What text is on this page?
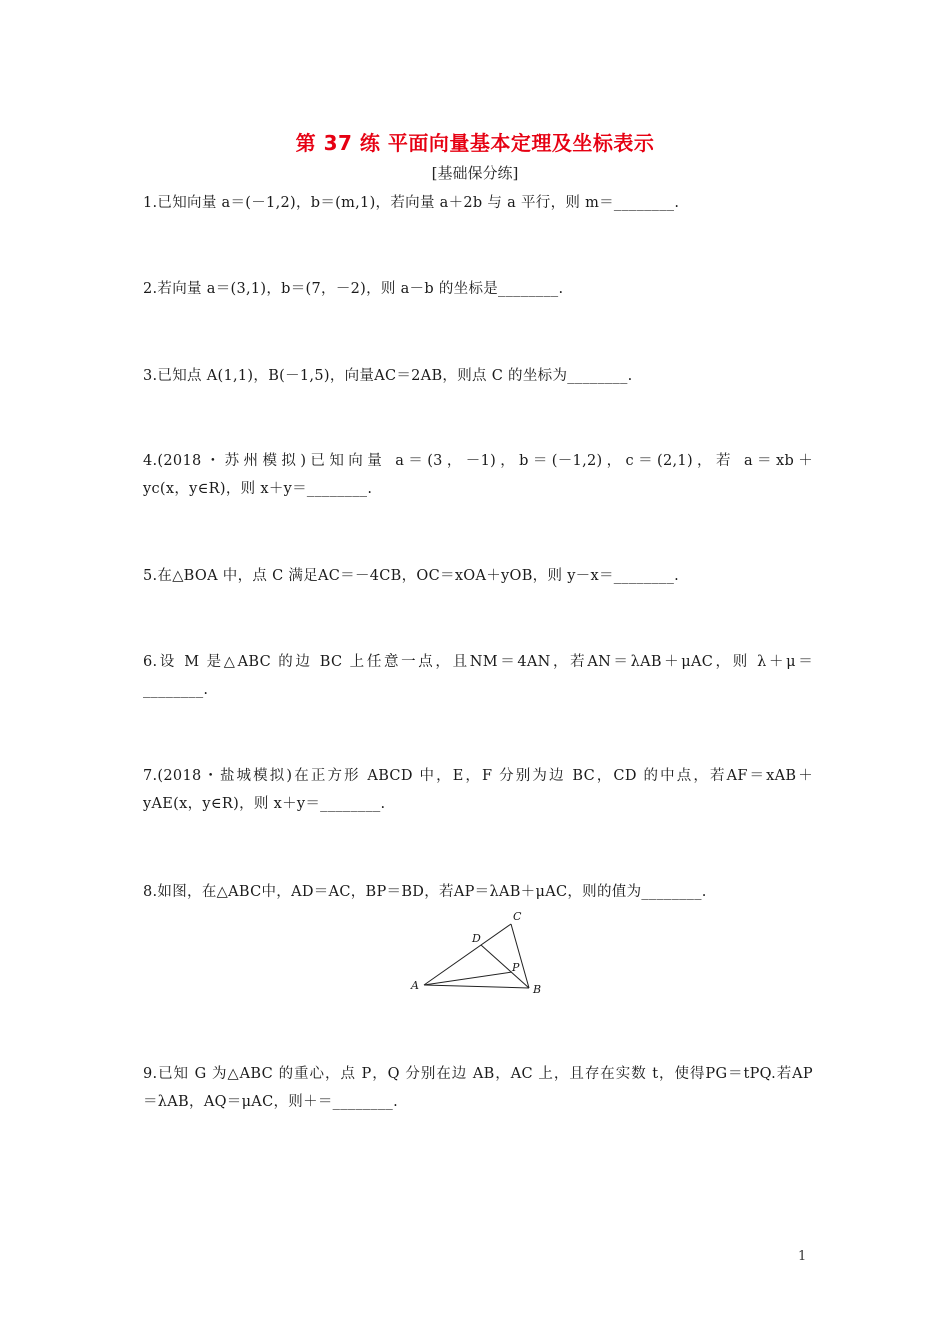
第 37 练 平面向量基本定理及坐标表示
[基础保分练]
1.已知向量 a＝(－1,2)，b＝(m,1)，若向量 a＋2b 与 a 平行，则 m＝________.
2.若向量 a＝(3,1)，b＝(7，－2)，则 a－b 的坐标是________.
3.已知点 A(1,1)，B(－1,5)，向量AC＝2AB，则点 C 的坐标为________.
4.(2018・苏州模拟)已知向量 a＝(3，－1)，b＝(－1,2)，c＝(2,1)，若 a＝xb＋
yc(x，y∈R)，则 x＋y＝________.
5.在△BOA 中，点 C 满足AC＝－4CB，OC＝xOA＋yOB，则 y－x＝________.
6.设 M 是△ABC 的边 BC 上任意一点，且NM＝4AN，若AN＝λAB＋μAC，则 λ＋μ＝
________.
7.(2018・盐城模拟)在正方形 ABCD 中，E，F 分别为边 BC，CD 的中点，若AF＝xAB＋
yAE(x，y∈R)，则 x＋y＝________.
8.如图，在△ABC中，AD＝AC，BP＝BD，若AP＝λAB＋μAC，则的值为________.
A	B
C
D
P
9.已知 G 为△ABC 的重心，点 P，Q 分别在边 AB，AC 上，且存在实数 t，使得PG＝tPQ.若AP
＝λAB，AQ＝μAC，则＋＝________.
1
